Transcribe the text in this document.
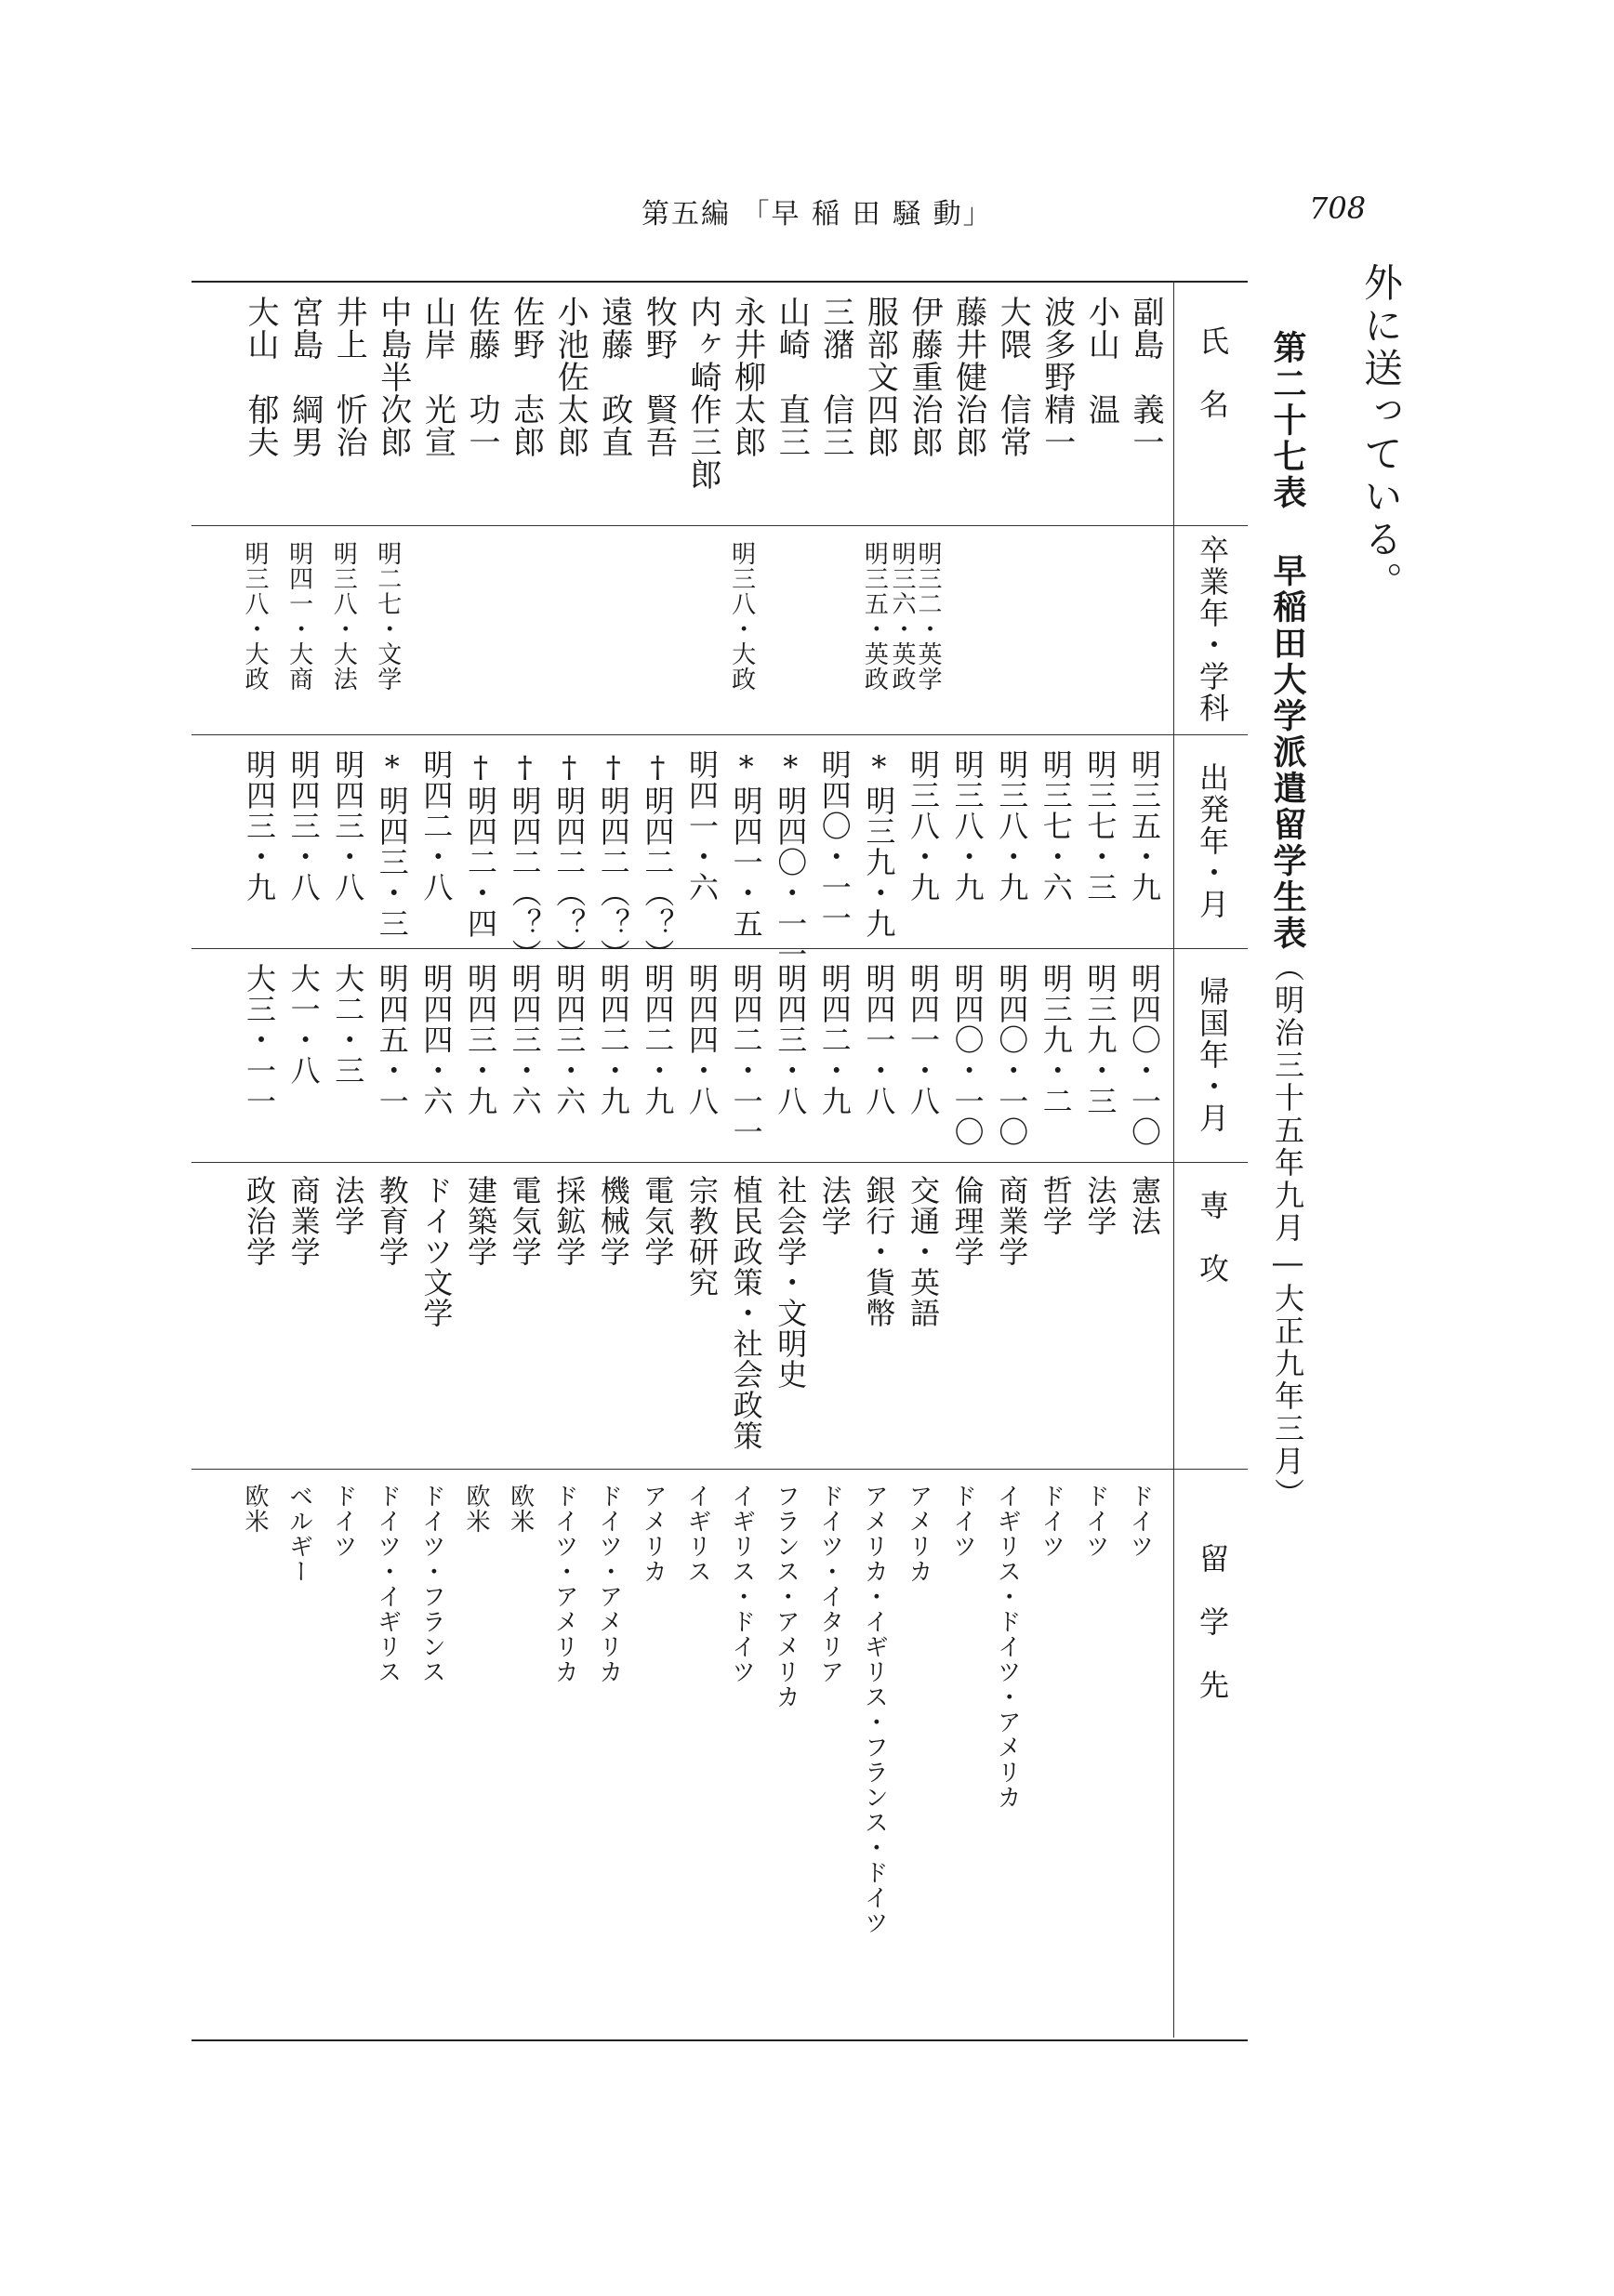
第五編 「早 稲 田 騒 動」	708
外に送っている。
第二十七表 早稲田大学派遣留学生表（明治三十五年九月―大正九年三月）
氏　名
卒業年・学科
出発年・月
帰国年・月
専　攻
留　学　先
副島　義一
明三五・九
明四〇・一〇
憲法
ドイツ
小山　温
明三七・三
明三九・三
法学
ドイツ
波多野精一
明三七・六
明三九・二
哲学
ドイツ
大隈　信常
明三八・九
明四〇・一〇
商業学
イギリス・ドイツ・アメリカ
藤井健治郎
明三八・九
明四〇・一〇
倫理学
ドイツ
伊藤重治郎
明三二・英学
明三六・英政
明三八・九
明四一・八
交通・英語
アメリカ
服部文四郎
明三五・英政
*明三九・九
明四一・八
銀行・貨幣
アメリカ・イギリス・フランス・ドイツ
三潴　信三
明四〇・一一
明四二・九
法学
ドイツ・イタリア
山崎　直三
*明四〇・一一
明四三・八
社会学・文明史
フランス・アメリカ
永井柳太郎
明三八・大政
*明四一・五
明四二・一一
植民政策・社会政策
イギリス・ドイツ
内ヶ崎作三郎
明四一・六
明四四・八
宗教研究
イギリス
牧野　賢吾
†明四二（？）
明四二・九
電気学
アメリカ
遠藤　政直
†明四二（？）
明四二・九
機械学
ドイツ・アメリカ
小池佐太郎
†明四二（？）
明四三・六
採鉱学
ドイツ・アメリカ
佐野　志郎
†明四二（？）
明四三・六
電気学
欧米
佐藤　功一
†明四二・四
明四三・九
建築学
欧米
山岸　光宣
明四二・八
明四四・六
ドイツ文学
ドイツ・フランス
中島半次郎
明二七・文学
*明四三・三
明四五・一
教育学
ドイツ・イギリス
井上　忻治
明三八・大法
明四三・八
大二・三
法学
ドイツ
宮島　綱男
明四一・大商
明四三・八
大一・八
商業学
ベルギー
大山　郁夫
明三八・大政
明四三・九
大三・一一
政治学
欧米
